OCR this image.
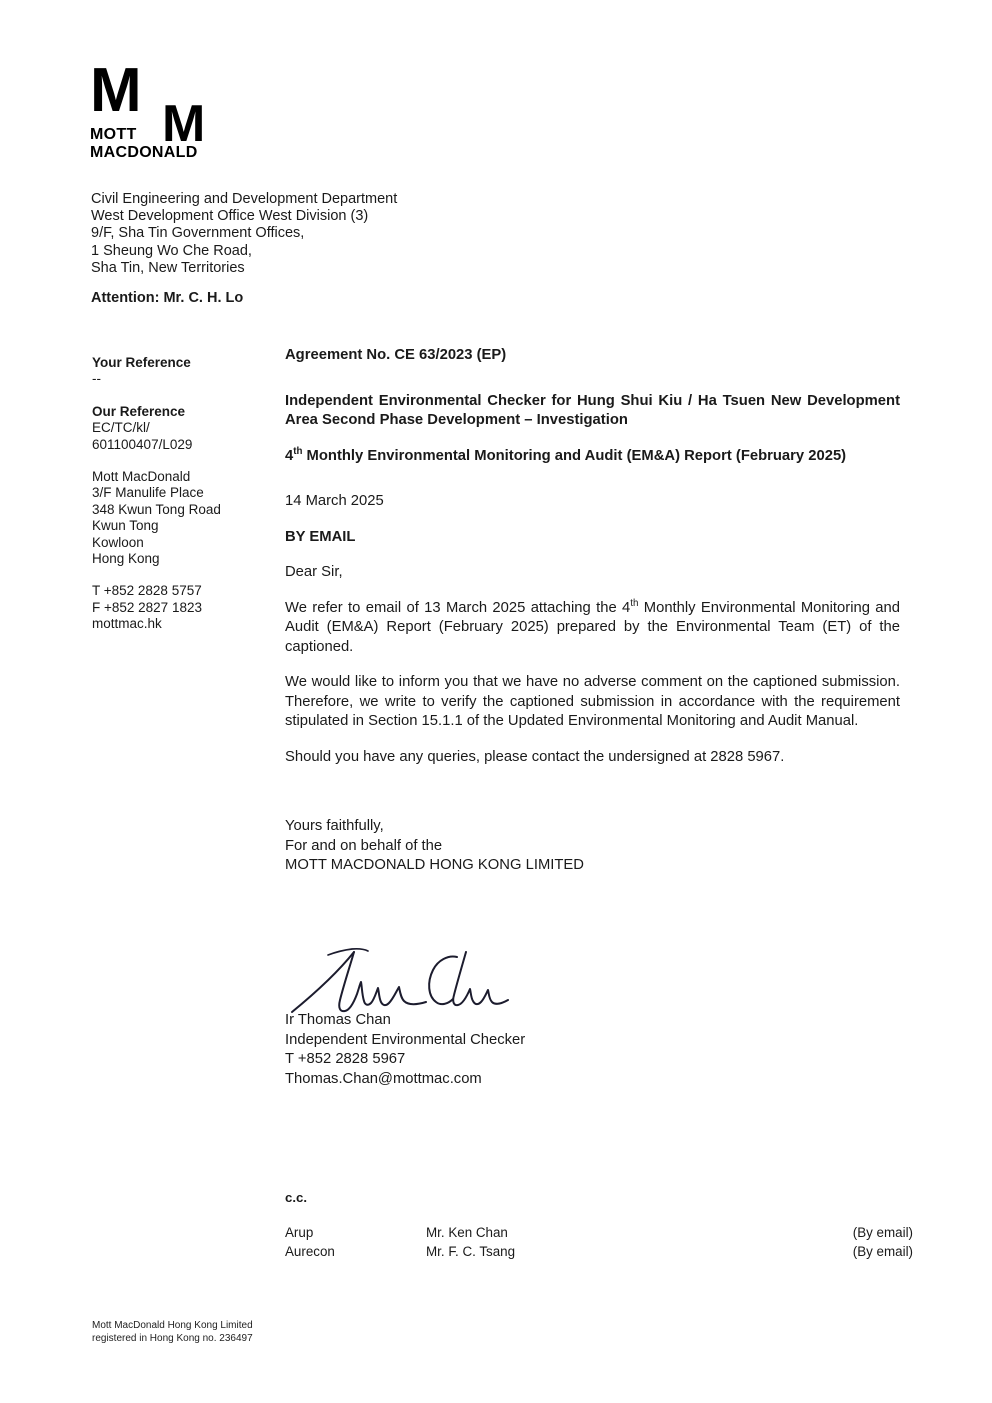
M M
MOTT
MACDONALD
Civil Engineering and Development Department
West Development Office West Division (3)
9/F, Sha Tin Government Offices,
1 Sheung Wo Che Road,
Sha Tin, New Territories
Attention: Mr. C. H. Lo
Your Reference
--
Our Reference
EC/TC/kl/
601100407/L029
Mott MacDonald
3/F Manulife Place
348 Kwun Tong Road
Kwun Tong
Kowloon
Hong Kong
T +852 2828 5757
F +852 2827 1823
mottmac.hk
Agreement No. CE 63/2023 (EP)
Independent Environmental Checker for Hung Shui Kiu / Ha Tsuen New Development Area Second Phase Development – Investigation
4th Monthly Environmental Monitoring and Audit (EM&A) Report (February 2025)
14 March 2025
BY EMAIL
Dear Sir,
We refer to email of 13 March 2025 attaching the 4th Monthly Environmental Monitoring and Audit (EM&A) Report (February 2025) prepared by the Environmental Team (ET) of the captioned.
We would like to inform you that we have no adverse comment on the captioned submission. Therefore, we write to verify the captioned submission in accordance with the requirement stipulated in Section 15.1.1 of the Updated Environmental Monitoring and Audit Manual.
Should you have any queries, please contact the undersigned at 2828 5967.
Yours faithfully,
For and on behalf of the
MOTT MACDONALD HONG KONG LIMITED
Ir Thomas Chan
Independent Environmental Checker
T +852 2828 5967
Thomas.Chan@mottmac.com
c.c.
Arup	Mr. Ken Chan	(By email)
Aurecon	Mr. F. C. Tsang	(By email)
Mott MacDonald Hong Kong Limited
registered in Hong Kong no. 236497
